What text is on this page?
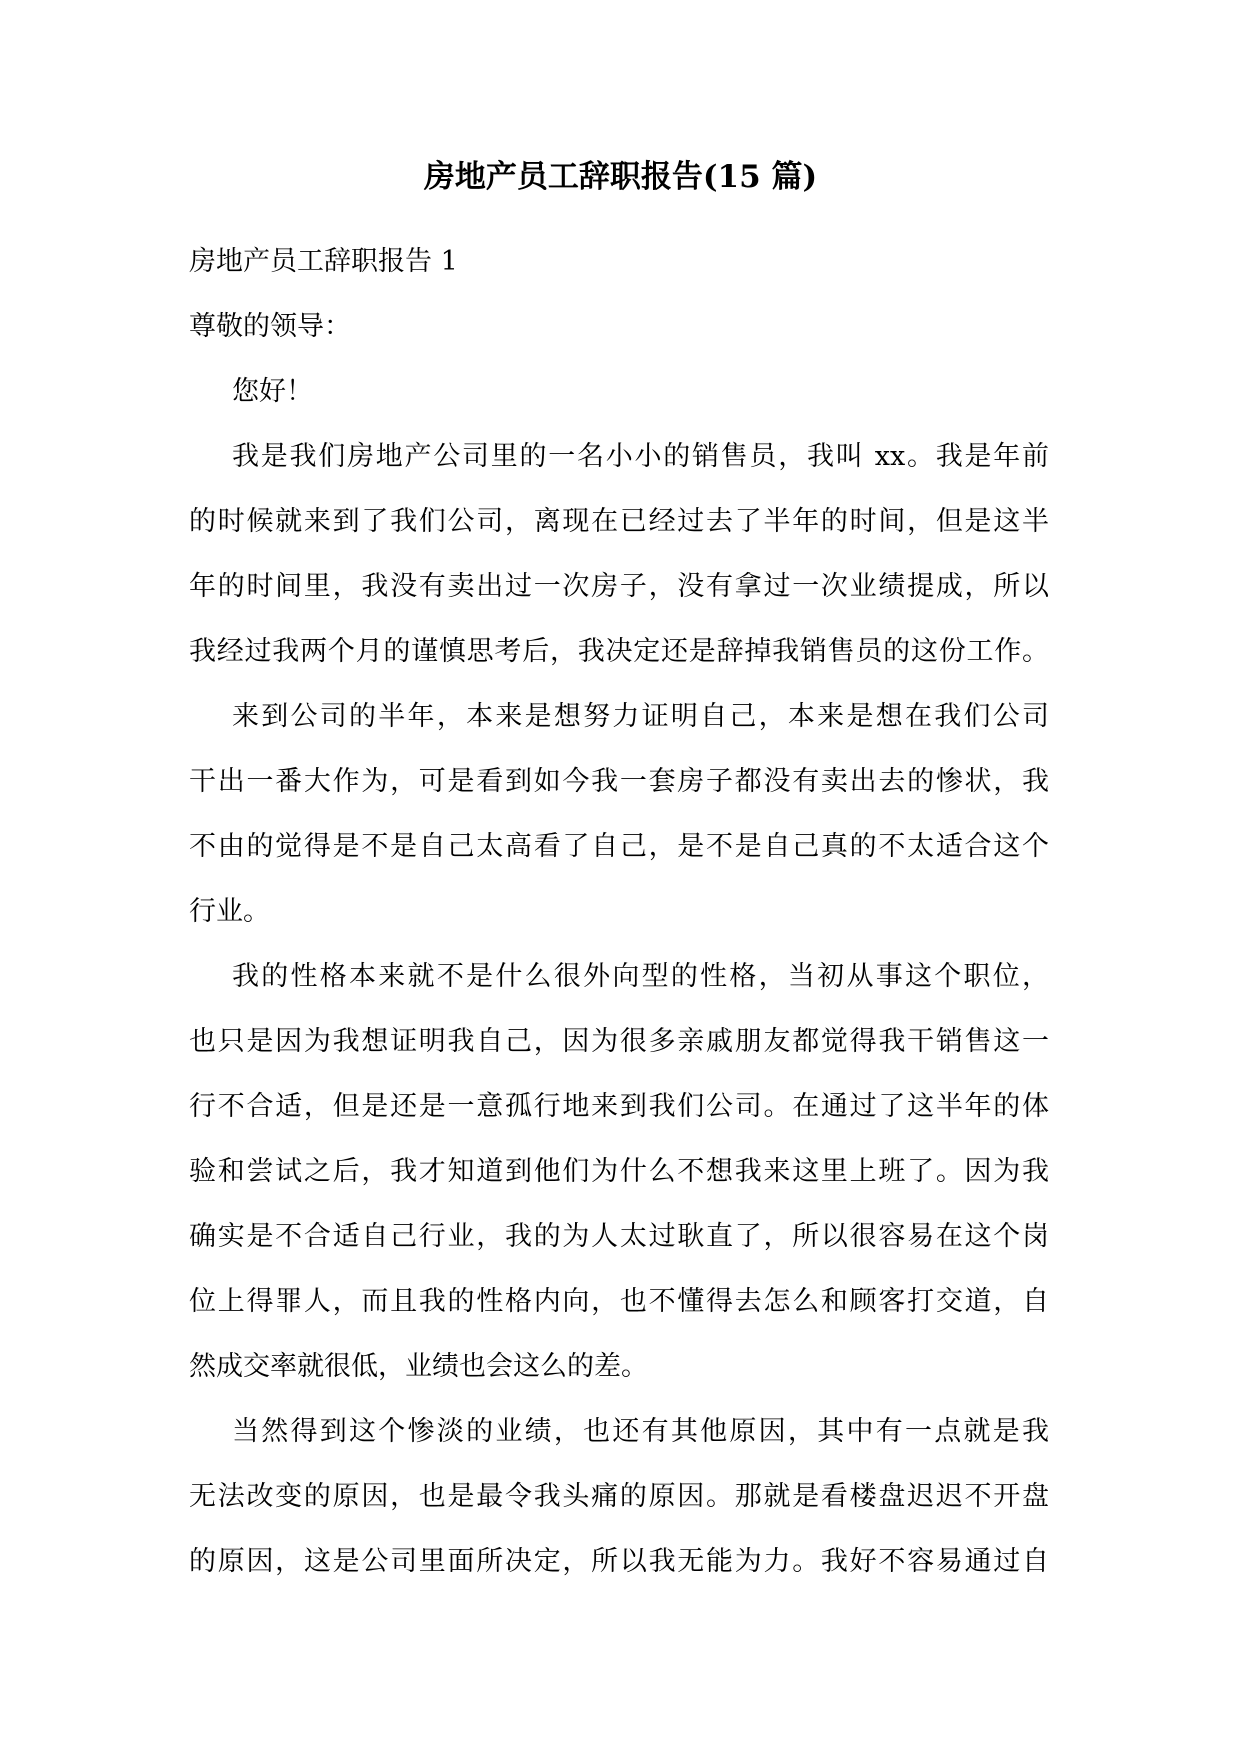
房地产员工辞职报告(15 篇)
房地产员工辞职报告 1
尊敬的领导：
您好！
我是我们房地产公司里的一名小小的销售员，我叫 xx。我是年前
的时候就来到了我们公司，离现在已经过去了半年的时间，但是这半
年的时间里，我没有卖出过一次房子，没有拿过一次业绩提成，所以
我经过我两个月的谨慎思考后，我决定还是辞掉我销售员的这份工作。
来到公司的半年，本来是想努力证明自己，本来是想在我们公司
干出一番大作为，可是看到如今我一套房子都没有卖出去的惨状，我
不由的觉得是不是自己太高看了自己，是不是自己真的不太适合这个
行业。
我的性格本来就不是什么很外向型的性格，当初从事这个职位，
也只是因为我想证明我自己，因为很多亲戚朋友都觉得我干销售这一
行不合适，但是还是一意孤行地来到我们公司。在通过了这半年的体
验和尝试之后，我才知道到他们为什么不想我来这里上班了。因为我
确实是不合适自己行业，我的为人太过耿直了，所以很容易在这个岗
位上得罪人，而且我的性格内向，也不懂得去怎么和顾客打交道，自
然成交率就很低，业绩也会这么的差。
当然得到这个惨淡的业绩，也还有其他原因，其中有一点就是我
无法改变的原因，也是最令我头痛的原因。那就是看楼盘迟迟不开盘
的原因，这是公司里面所决定，所以我无能为力。我好不容易通过自
